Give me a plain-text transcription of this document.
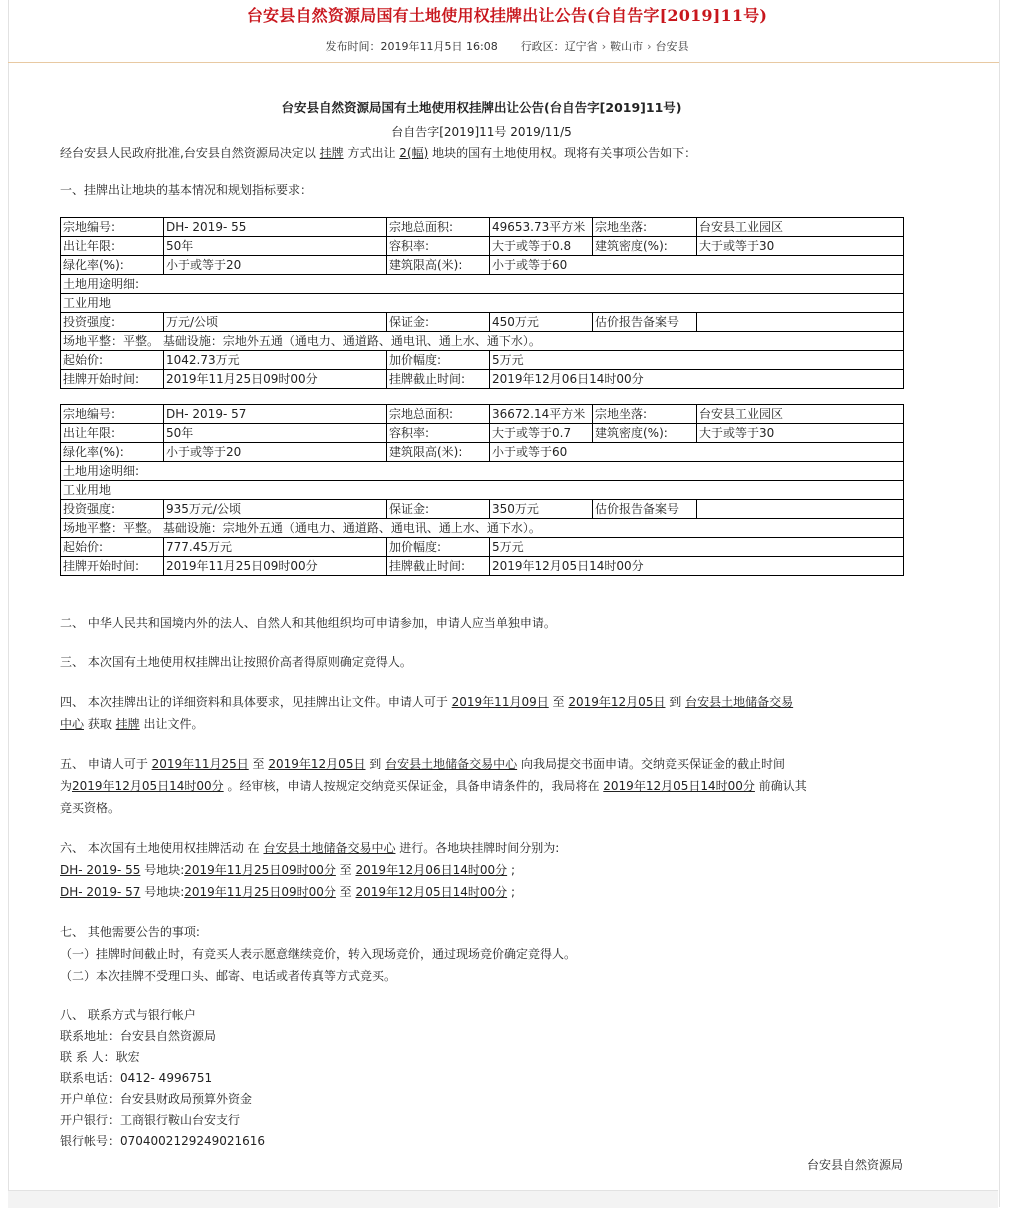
台安县自然资源局国有土地使用权挂牌出让公告(台自告字[2019]11号)
发布时间：2019年11月5日 16:08 行政区：辽宁省 › 鞍山市 › 台安县
台安县自然资源局国有土地使用权挂牌出让公告(台自告字[2019]11号)
台自告字[2019]11号 2019/11/5
经台安县人民政府批准,台安县自然资源局决定以 挂牌 方式出让 2(幅) 地块的国有土地使用权。现将有关事项公告如下：
一、挂牌出让地块的基本情况和规划指标要求：
宗地编号:	DH- 2019- 55	宗地总面积:	49653.73平方米	宗地坐落:	台安县工业园区
出让年限:	50年	容积率:	大于或等于0.8	建筑密度(%):	大于或等于30
绿化率(%):	小于或等于20	建筑限高(米):	小于或等于60		
土地用途明细:					
工业用地					
投资强度:	万元/公顷	保证金:	450万元	估价报告备案号	
场地平整：平整。 基础设施：宗地外五通（通电力、通道路、通电讯、通上水、通下水）。					
起始价:	1042.73万元	加价幅度:	5万元		
挂牌开始时间:	2019年11月25日09时00分	挂牌截止时间:	2019年12月06日14时00分		
宗地编号:	DH- 2019- 57	宗地总面积:	36672.14平方米	宗地坐落:	台安县工业园区
出让年限:	50年	容积率:	大于或等于0.7	建筑密度(%):	大于或等于30
绿化率(%):	小于或等于20	建筑限高(米):	小于或等于60		
土地用途明细:					
工业用地					
投资强度:	935万元/公顷	保证金:	350万元	估价报告备案号	
场地平整：平整。 基础设施：宗地外五通（通电力、通道路、通电讯、通上水、通下水）。					
起始价:	777.45万元	加价幅度:	5万元		
挂牌开始时间:	2019年11月25日09时00分	挂牌截止时间:	2019年12月05日14时00分		
二、 中华人民共和国境内外的法人、自然人和其他组织均可申请参加，申请人应当单独申请。
三、 本次国有土地使用权挂牌出让按照价高者得原则确定竞得人。
四、 本次挂牌出让的详细资料和具体要求，见挂牌出让文件。申请人可于 2019年11月09日 至 2019年12月05日 到 台安县土地储备交易
中心 获取 挂牌 出让文件。
五、 申请人可于 2019年11月25日 至 2019年12月05日 到 台安县土地储备交易中心 向我局提交书面申请。交纳竞买保证金的截止时间
为2019年12月05日14时00分 。经审核，申请人按规定交纳竞买保证金，具备申请条件的，我局将在 2019年12月05日14时00分 前确认其
竞买资格。
六、 本次国有土地使用权挂牌活动 在 台安县土地储备交易中心 进行。各地块挂牌时间分别为:
DH- 2019- 55 号地块:2019年11月25日09时00分 至 2019年12月06日14时00分 ;
DH- 2019- 57 号地块:2019年11月25日09时00分 至 2019年12月05日14时00分 ;
七、 其他需要公告的事项:
（一）挂牌时间截止时，有竞买人表示愿意继续竞价，转入现场竞价，通过现场竞价确定竞得人。
（二）本次挂牌不受理口头、邮寄、电话或者传真等方式竞买。
八、 联系方式与银行帐户
联系地址：台安县自然资源局
联 系 人：耿宏
联系电话：0412- 4996751
开户单位：台安县财政局预算外资金
开户银行：工商银行鞍山台安支行
银行帐号：0704002129249021616
台安县自然资源局
